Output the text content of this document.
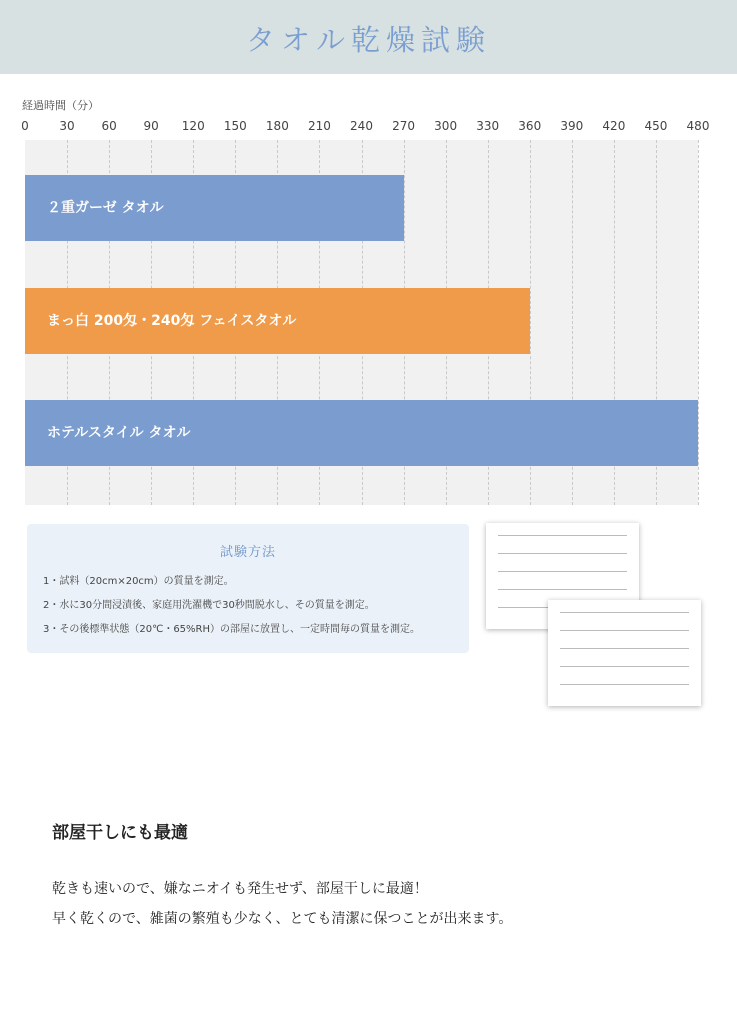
タオル乾燥試験
経過時間（分）
0	30 60 90 120 150 180 210 240 270 300 330 360 390 420 450 480
２重ガーゼ タオル
まっ白 200匁・240匁 フェイスタオル
ホテルスタイル タオル
試験方法
1・試料（20cm×20cm）の質量を測定。
2・水に30分間浸漬後、家庭用洗濯機で30秒間脱水し、その質量を測定。
3・その後標準状態（20℃・65%RH）の部屋に放置し、一定時間毎の質量を測定。
部屋干しにも最適
乾きも速いので、嫌なニオイも発生せず、部屋干しに最適！
早く乾くので、雑菌の繁殖も少なく、とても清潔に保つことが出来ます。
